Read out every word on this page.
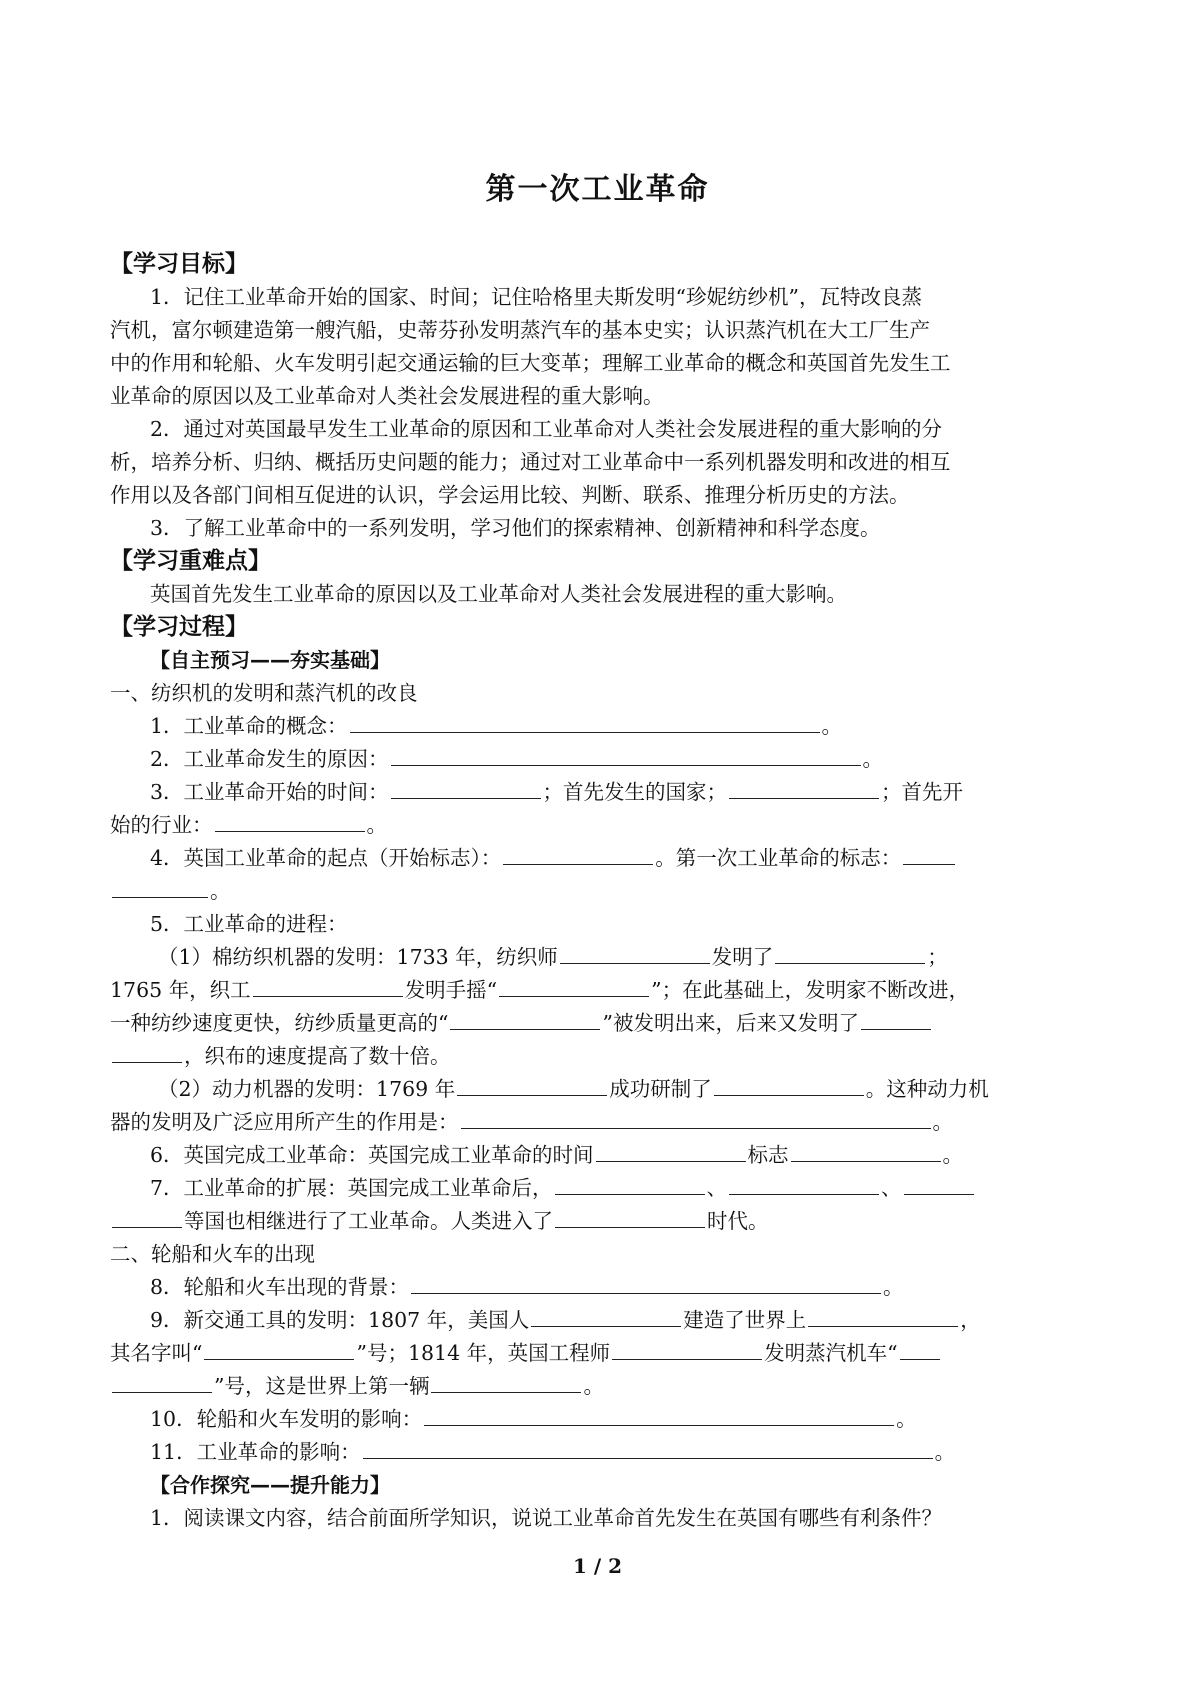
第一次工业革命
【学习目标】
1．记住工业革命开始的国家、时间；记住哈格里夫斯发明“珍妮纺纱机”，瓦特改良蒸
汽机，富尔顿建造第一艘汽船，史蒂芬孙发明蒸汽车的基本史实；认识蒸汽机在大工厂生产
中的作用和轮船、火车发明引起交通运输的巨大变革；理解工业革命的概念和英国首先发生工
业革命的原因以及工业革命对人类社会发展进程的重大影响。
2．通过对英国最早发生工业革命的原因和工业革命对人类社会发展进程的重大影响的分
析，培养分析、归纳、概括历史问题的能力；通过对工业革命中一系列机器发明和改进的相互
作用以及各部门间相互促进的认识，学会运用比较、判断、联系、推理分析历史的方法。
3．了解工业革命中的一系列发明，学习他们的探索精神、创新精神和科学态度。
【学习重难点】
英国首先发生工业革命的原因以及工业革命对人类社会发展进程的重大影响。
【学习过程】
【自主预习——夯实基础】
一、纺织机的发明和蒸汽机的改良
1．工业革命的概念：	。
2．工业革命发生的原因：	。
3．工业革命开始的时间：	；首先发生的国家；	；首先开
始的行业：	。
4．英国工业革命的起点（开始标志）：	。第一次工业革命的标志：
。
5．工业革命的进程：
（1）棉纺织机器的发明：1733 年，纺织师	发明了	；
1765 年，织工	发明手摇“	”；在此基础上，发明家不断改进，
一种纺纱速度更快，纺纱质量更高的“	”被发明出来，后来又发明了
，织布的速度提高了数十倍。
（2）动力机器的发明：1769 年	成功研制了	。这种动力机
器的发明及广泛应用所产生的作用是：	。
6．英国完成工业革命：英国完成工业革命的时间	标志	。
7．工业革命的扩展：英国完成工业革命后，	、	、
等国也相继进行了工业革命。人类进入了	时代。
二、轮船和火车的出现
8．轮船和火车出现的背景：	。
9．新交通工具的发明：1807 年，美国人	建造了世界上	，
其名字叫“	”号；1814 年，英国工程师	发明蒸汽机车“
”号，这是世界上第一辆	。
10．轮船和火车发明的影响：	。
11．工业革命的影响：	。
【合作探究——提升能力】
1．阅读课文内容，结合前面所学知识，说说工业革命首先发生在英国有哪些有利条件？
1 / 2
